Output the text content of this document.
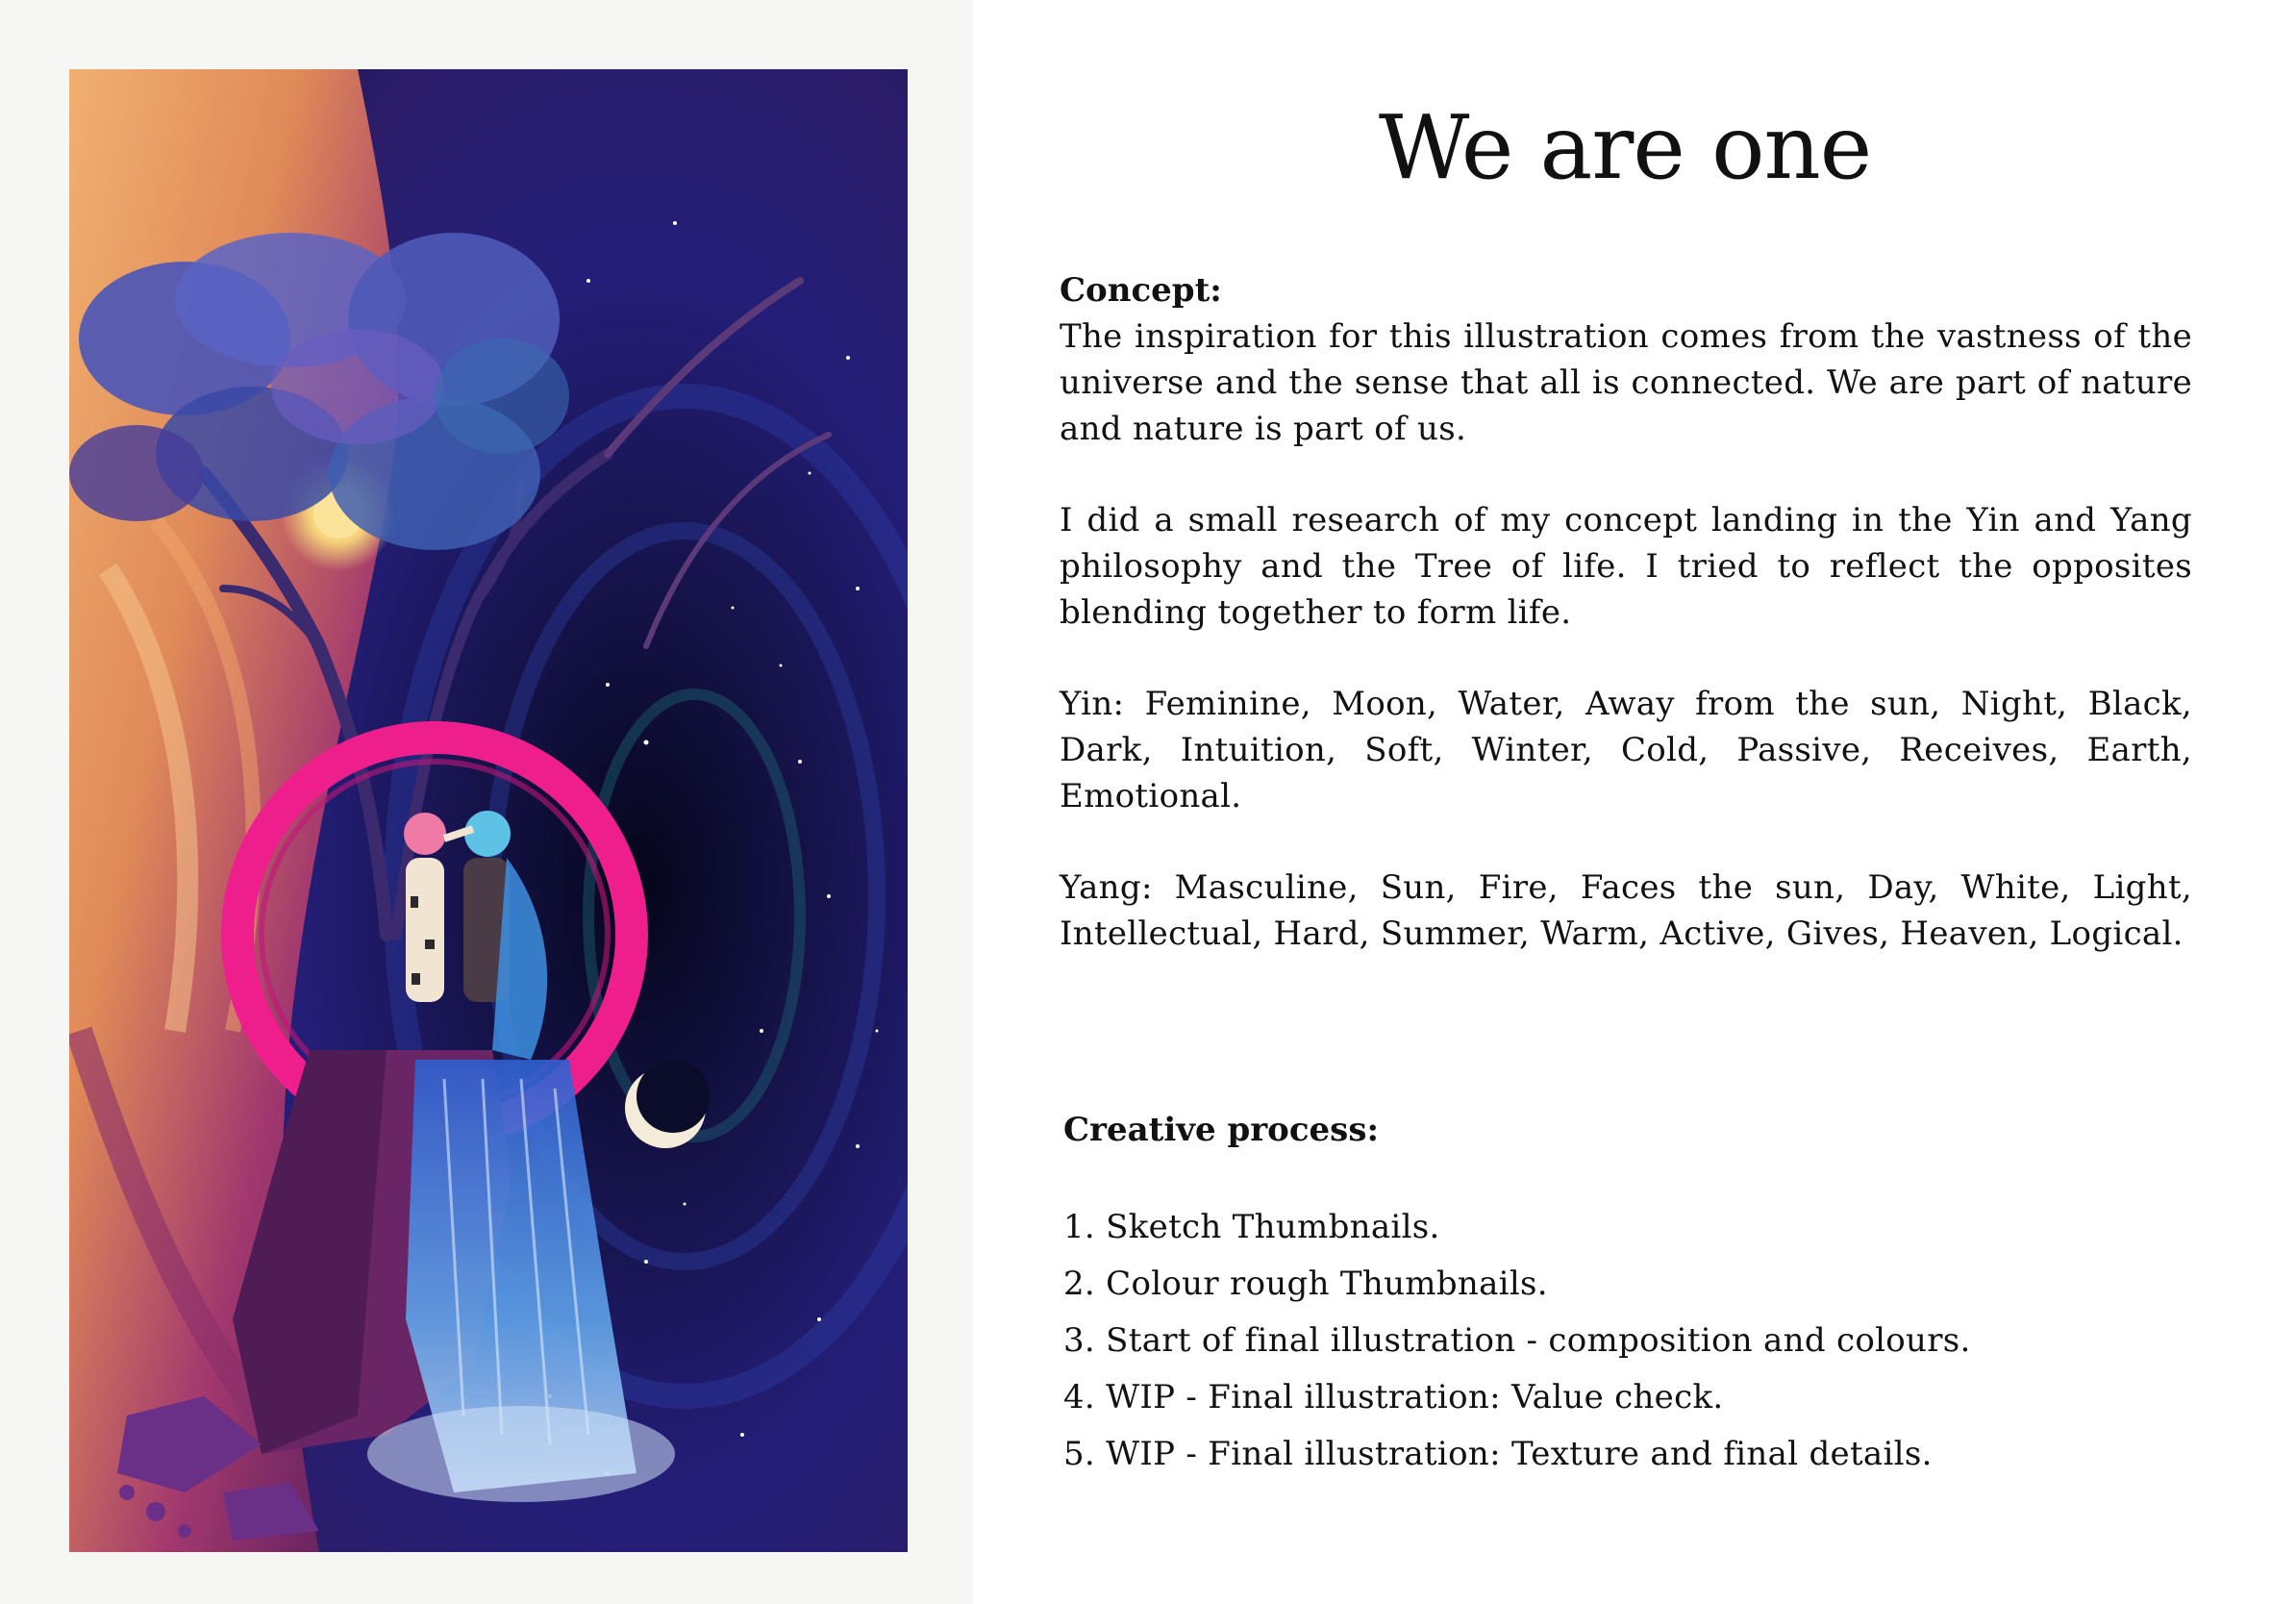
We are one

Concept:

The inspiration for this illustration comes from the vastness of the universe and the sense that all is connected. We are part of nature and nature is part of us.

I did a small research of my concept landing in the Yin and Yang philosophy and the Tree of life. I tried to reflect the opposites blending together to form life.

Yin: Feminine, Moon, Water, Away from the sun, Night, Black, Dark, Intuition, Soft, Winter, Cold, Passive, Receives, Earth, Emotional.

Yang: Masculine, Sun, Fire, Faces the sun, Day, White, Light, Intellectual, Hard, Summer, Warm, Active, Gives, Heaven, Logical.

Creative process:

1. Sketch Thumbnails.
2. Colour rough Thumbnails.
3. Start of final illustration - composition and colours.
4. WIP - Final illustration: Value check.
5. WIP - Final illustration: Texture and final details.
